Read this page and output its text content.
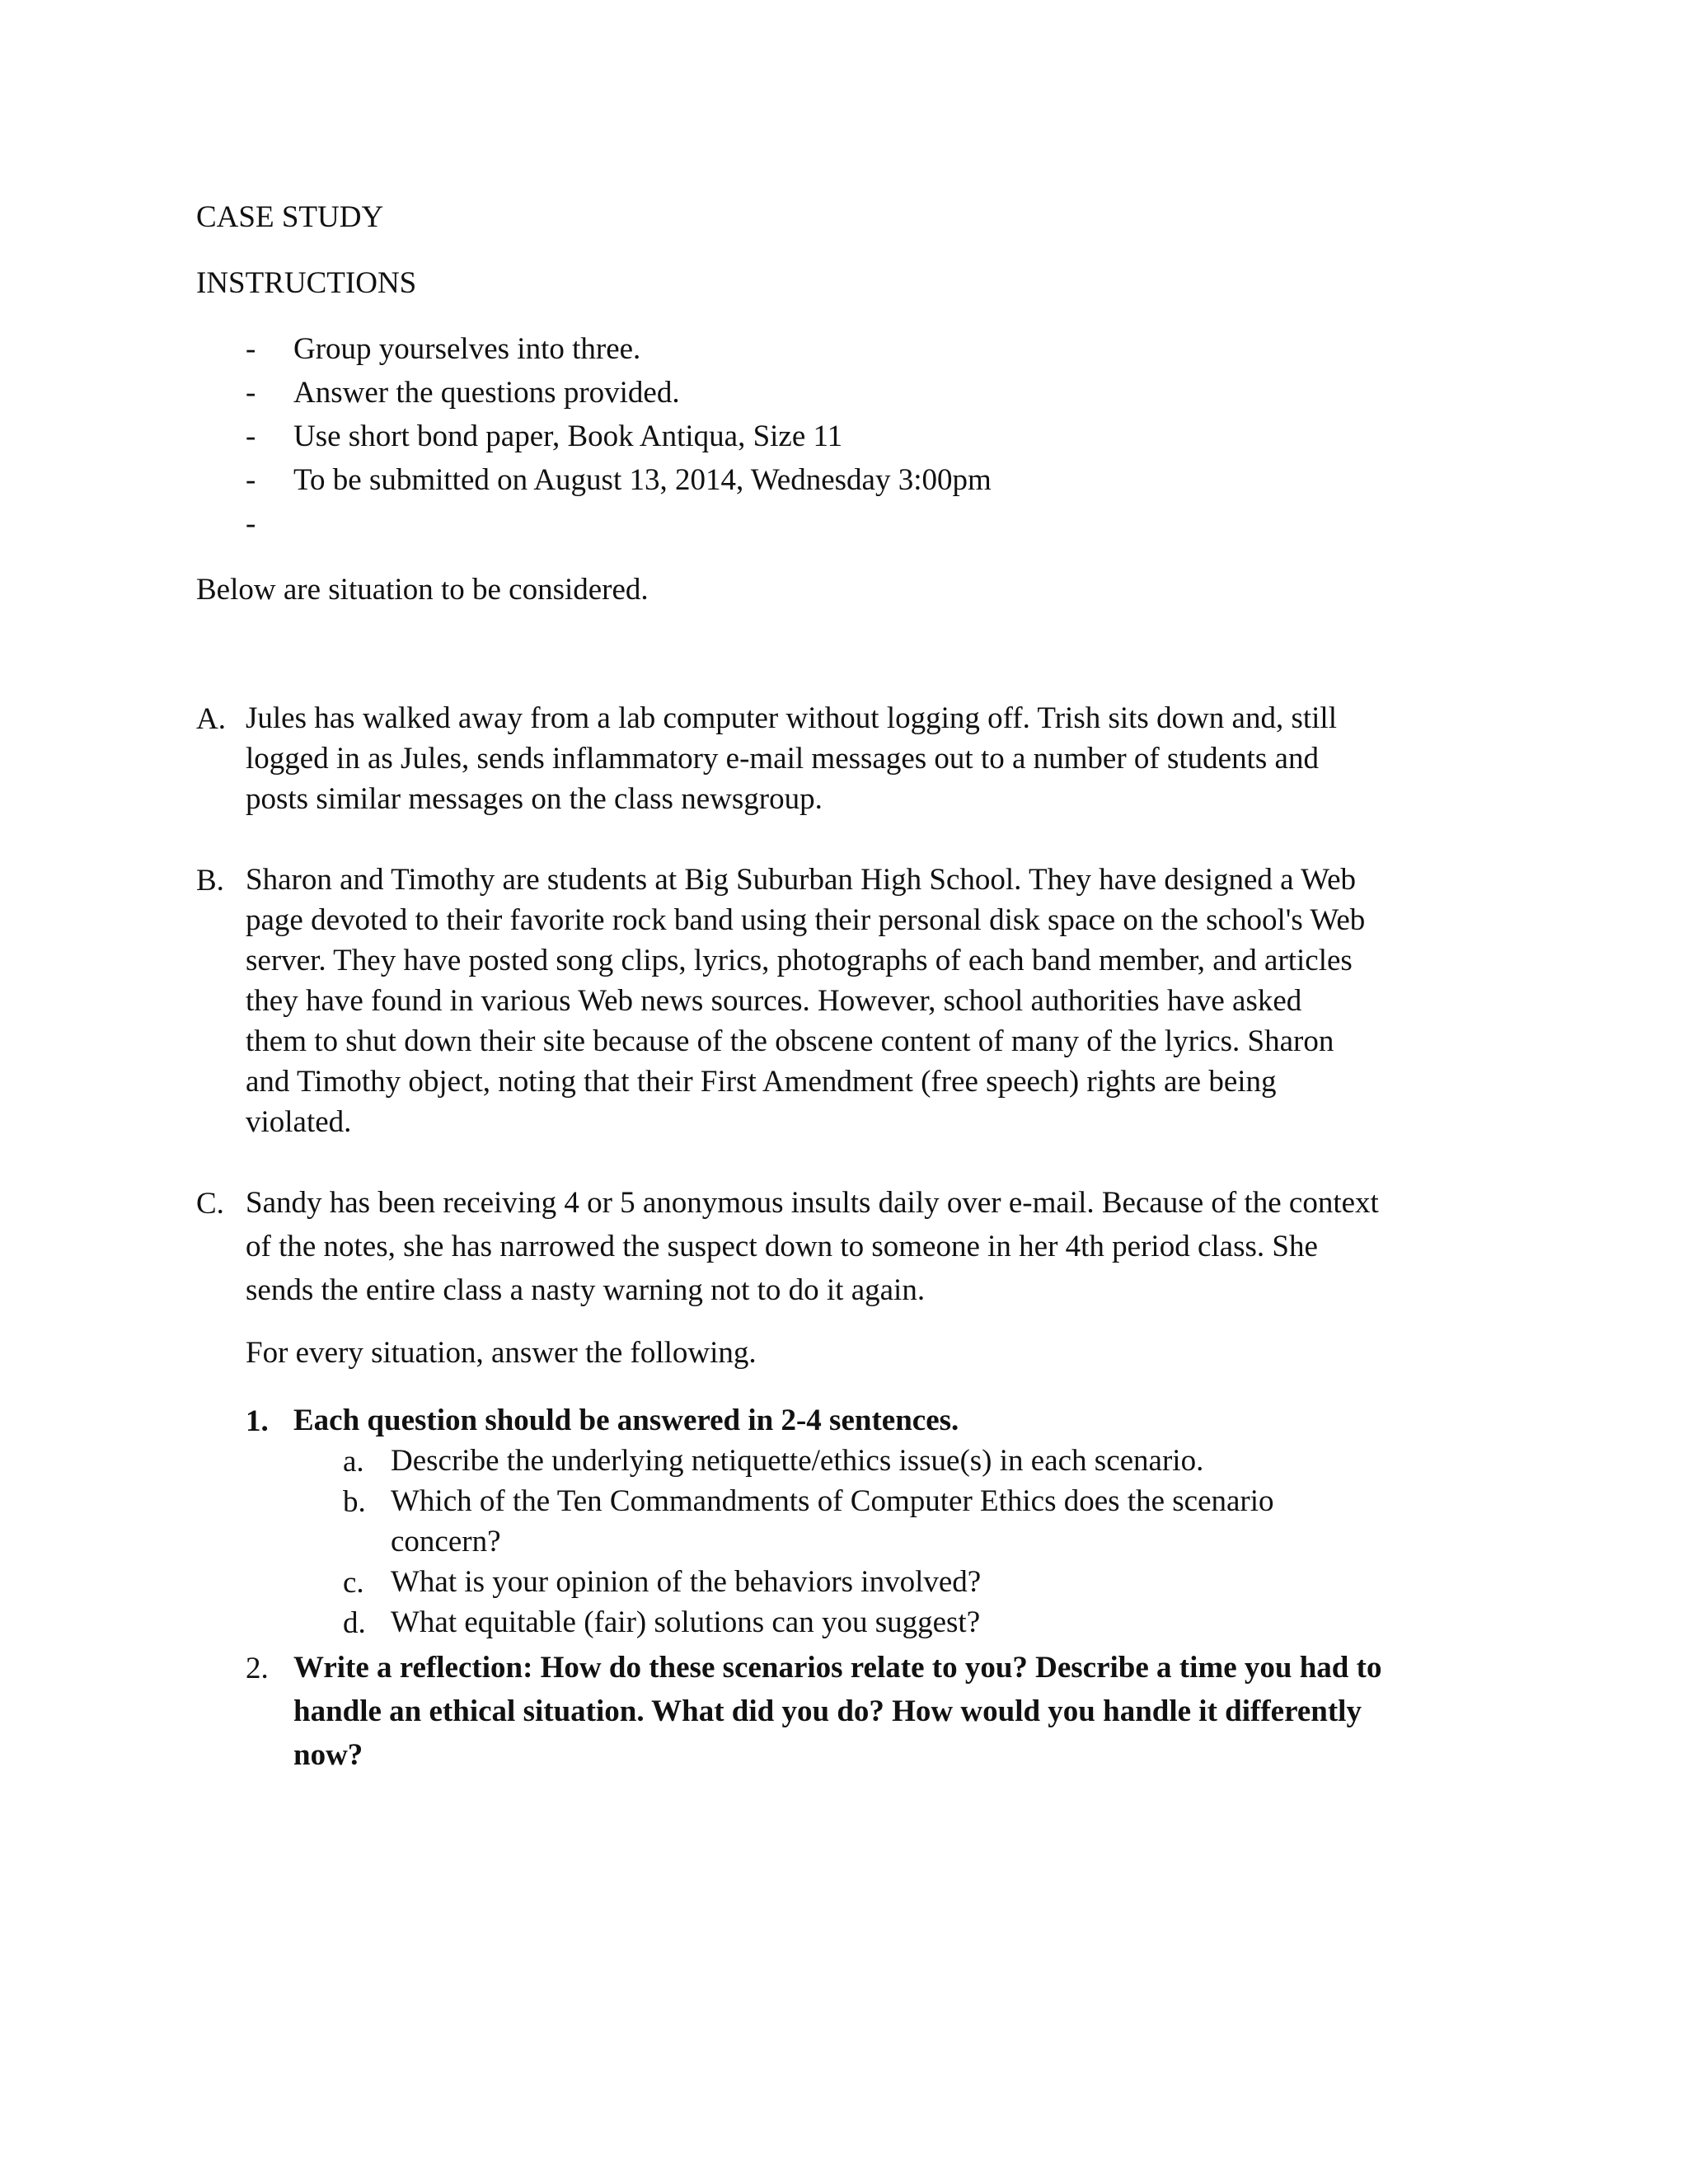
CASE STUDY
INSTRUCTIONS
- Group yourselves into three.
- Answer the questions provided.
- Use short bond paper, Book Antiqua, Size 11
- To be submitted on August 13, 2014, Wednesday 3:00pm
-
Below are situation to be considered.
A. Jules has walked away from a lab computer without logging off. Trish sits down and, still
logged in as Jules, sends inflammatory e-mail messages out to a number of students and
posts similar messages on the class newsgroup.
B. Sharon and Timothy are students at Big Suburban High School. They have designed a Web
page devoted to their favorite rock band using their personal disk space on the school's Web
server. They have posted song clips, lyrics, photographs of each band member, and articles
they have found in various Web news sources. However, school authorities have asked
them to shut down their site because of the obscene content of many of the lyrics. Sharon
and Timothy object, noting that their First Amendment (free speech) rights are being
violated.
C. Sandy has been receiving 4 or 5 anonymous insults daily over e-mail. Because of the context
of the notes, she has narrowed the suspect down to someone in her 4th period class. She
sends the entire class a nasty warning not to do it again.
For every situation, answer the following.
1. Each question should be answered in 2-4 sentences.
a. Describe the underlying netiquette/ethics issue(s) in each scenario.
b. Which of the Ten Commandments of Computer Ethics does the scenario
concern?
c. What is your opinion of the behaviors involved?
d. What equitable (fair) solutions can you suggest?
2. Write a reflection: How do these scenarios relate to you? Describe a time you had to
handle an ethical situation. What did you do? How would you handle it differently
now?
